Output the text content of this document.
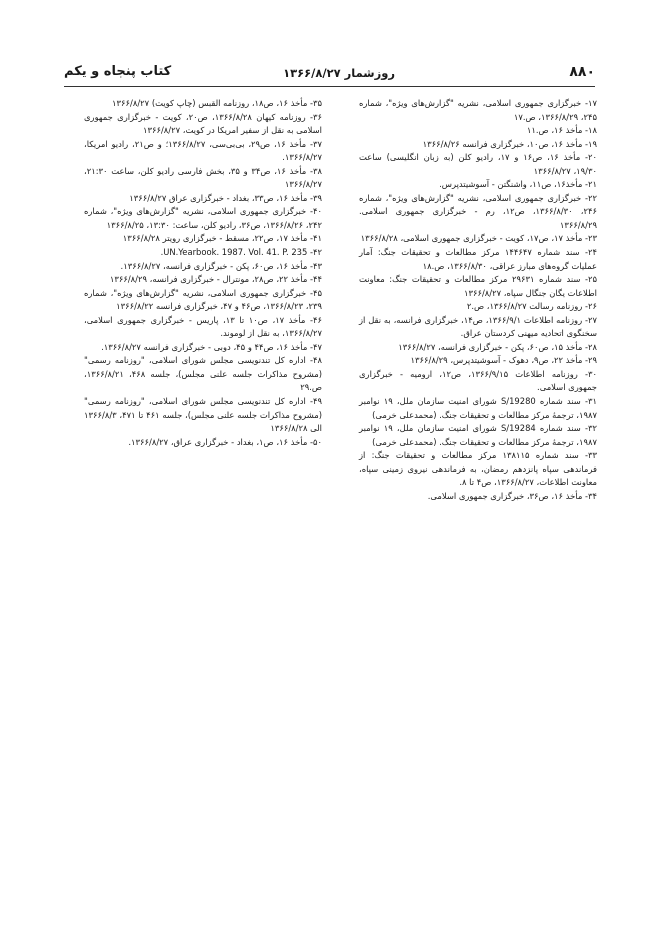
۸۸۰
روزشمار ۱۳۶۶/۸/۲۷
کتاب پنجاه و یکم

۱۷- خبرگزاری جمهوری اسلامی، نشریه "گزارش‌های ویژه"، شماره ۲۴۵، ۱۳۶۶/۸/۲۹، ص.۱۷

۱۸- مأخذ ۱۶، ص.۱۱

۱۹- مأخذ ۱۶، ص۱۰، خبرگزاری فرانسه ۱۳۶۶/۸/۲۶

۲۰- مأخذ ۱۶، ص۱۶ و ۱۷، رادیو کلن (به زبان انگلیسی) ساعت ۱۹/۳۰، ۱۳۶۶/۸/۲۷

۲۱- مأخذ۱۶، ص۱۱، واشنگتن - آسوشیتدپرس.

۲۲- خبرگزاری جمهوری اسلامی، نشریه "گزارش‌های ویژه"، شماره ۲۴۶، ۱۳۶۶/۸/۳۰، ص۱۲، رم - خبرگزاری جمهوری اسلامی. ۱۳۶۶/۸/۲۹

۲۳- مأخذ ۱۷، ص۱۷، کویت - خبرگزاری جمهوری اسلامی، ۱۳۶۶/۸/۲۸

۲۴- سند شماره ۱۴۴۶۴۷ مرکز مطالعات و تحقیقات جنگ: آمار عملیات گروه‌های مبارز عراقی، ۱۳۶۶/۸/۳۰، ص.۱۸

۲۵- سند شماره ۲۹۶۳۱ مرکز مطالعات و تحقیقات جنگ: معاونت اطلاعات یگان جنگال سپاه، ۱۳۶۶/۸/۲۷

۲۶- روزنامه رسالت ۱۳۶۶/۸/۲۷، ص.۲

۲۷- روزنامه اطلاعات ۱۳۶۶/۹/۱، ص۱۴، خبرگزاری فرانسه، به نقل از سخنگوی اتحادیه میهنی کردستان عراق.

۲۸- مأخذ ۱۵، ص۶۰، پکن - خبرگزاری فرانسه، ۱۳۶۶/۸/۲۷

۲۹- مأخذ ۲۲، ص۹، دهوک - آسوشیتدپرس، ۱۳۶۶/۸/۲۹

۳۰- روزنامه اطلاعات ۱۳۶۶/۹/۱۵، ص۱۲، ارومیه - خبرگزاری جمهوری اسلامی.

۳۱- سند شماره S/19280 شورای امنیت سازمان ملل، ۱۹ نوامبر ۱۹۸۷، ترجمهٔ مرکز مطالعات و تحقیقات جنگ. (محمدعلی خرمی)

۳۲- سند شماره S/19284 شورای امنیت سازمان ملل، ۱۹ نوامبر ۱۹۸۷، ترجمهٔ مرکز مطالعات و تحقیقات جنگ. (محمدعلی خرمی)

۳۳- سند شماره ۱۳۸۱۱۵ مرکز مطالعات و تحقیقات جنگ: از فرماندهی سپاه پانزدهم رمضان، به فرماندهی نیروی زمینی سپاه، معاونت اطلاعات، ۱۳۶۶/۸/۲۷، ص۴ تا ۸.

۳۴- مأخذ ۱۶، ص۳۶، خبرگزاری جمهوری اسلامی.

۳۵- مأخذ ۱۶، ص۱۸، روزنامه القبس (چاپ کویت) ۱۳۶۶/۸/۲۷

۳۶- روزنامه کیهان ۱۳۶۶/۸/۲۸، ص۲۰، کویت - خبرگزاری جمهوری اسلامی به نقل از سفیر امریکا در کویت، ۱۳۶۶/۸/۲۷

۳۷- مأخذ ۱۶، ص۲۹، بی‌بی‌سی، ۱۳۶۶/۸/۲۷؛ و ص۲۱، رادیو امریکا، ۱۳۶۶/۸/۲۷.

۳۸- مأخذ ۱۶، ص۳۴ و ۳۵، بخش فارسی رادیو کلن، ساعت ۲۱:۳۰، ۱۳۶۶/۸/۲۷

۳۹- مأخذ ۱۶، ص۳۳، بغداد - خبرگزاری عراق ۱۳۶۶/۸/۲۷

۴۰- خبرگزاری جمهوری اسلامی، نشریه "گزارش‌های ویژه"، شماره ۲۴۲، ۱۳۶۶/۸/۲۶، ص۳۶، رادیو کلن، ساعت: ۱۳:۳۰، ۱۳۶۶/۸/۲۵

۴۱- مأخذ ۱۷، ص۲۲، مسقط - خبرگزاری رویتر ۱۳۶۶/۸/۲۸

۴۲- UN.Yearbook. 1987. Vol. 41. P. 235.

۴۳- مأخذ ۱۶، ص۶۰، پکن - خبرگزاری فرانسه، ۱۳۶۶/۸/۲۷.

۴۴- مأخذ ۲۲، ص۲۸، مونترال - خبرگزاری فرانسه، ۱۳۶۶/۸/۲۹

۴۵- خبرگزاری جمهوری اسلامی، نشریه "گزارش‌های ویژه"، شماره ۲۳۹، ۱۳۶۶/۸/۲۳، ص۴۶ و ۴۷، خبرگزاری فرانسه ۱۳۶۶/۸/۲۲

۴۶- مأخذ ۱۷، ص۱۰ تا ۱۳، پاریس - خبرگزاری جمهوری اسلامی، ۱۳۶۶/۸/۲۷، به نقل از لوموند.

۴۷- مأخذ ۱۶، ص۴۴ و ۴۵، دوبی - خبرگزاری فرانسه ۱۳۶۶/۸/۲۷.

۴۸- اداره کل تندنویسی مجلس شورای اسلامی، "روزنامه رسمی" (مشروح مذاکرات جلسه علنی مجلس)، جلسه ۴۶۸، ۱۳۶۶/۸/۲۱، ص.۲۹

۴۹- اداره کل تندنویسی مجلس شورای اسلامی، "روزنامه رسمی" (مشروح مذاکرات جلسه علنی مجلس)، جلسه ۴۶۱ تا ۴۷۱، ۱۳۶۶/۸/۳ الی ۱۳۶۶/۸/۲۸

۵۰- مأخذ ۱۶، ص۱، بغداد - خبرگزاری عراق، ۱۳۶۶/۸/۲۷.
